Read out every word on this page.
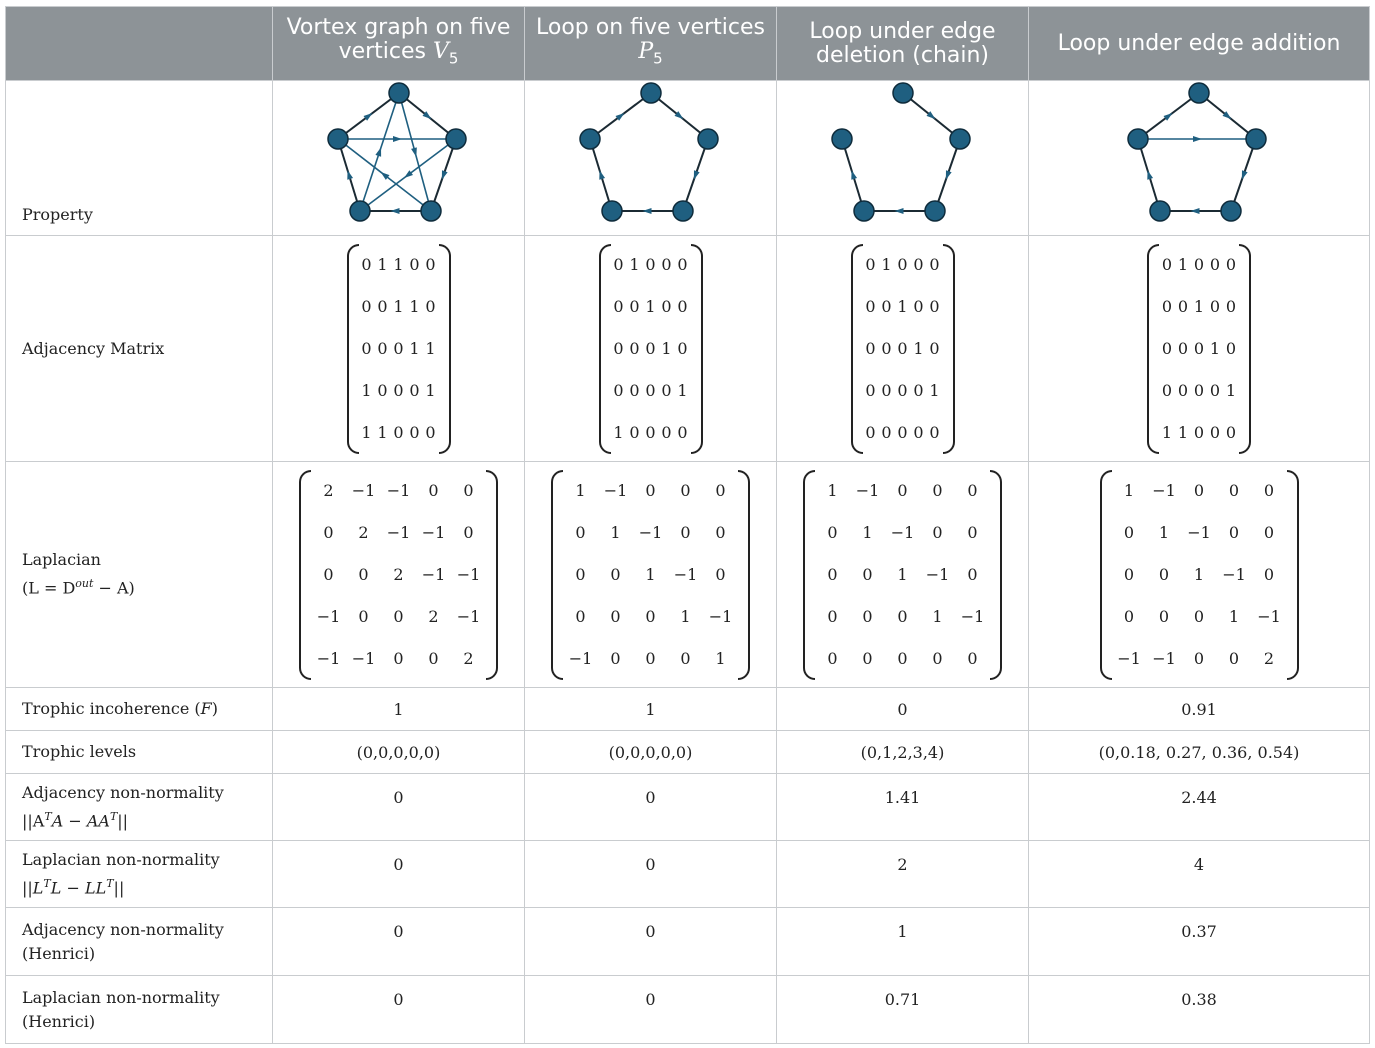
	Vortex graph on five vertices $V_5$	Loop on five vertices $P_5$	Loop under edge deletion (chain)	Loop under edge addition
Property				
Adjacency Matrix	
0	1	1	0	0
0	0	1	1	0
0	0	0	1	1
1	0	0	0	1
1	1	0	0	0

0	1	0	0	0
0	0	1	0	0
0	0	0	1	0
0	0	0	0	1
1	0	0	0	0

0	1	0	0	0
0	0	1	0	0
0	0	0	1	0
0	0	0	0	1
0	0	0	0	0

0	1	0	0	0
0	0	1	0	0
0	0	0	1	0
0	0	0	0	1
1	1	0	0	0

Laplacian
$(L = D^{out} - A)$

2	−1	−1	0	0
0	2	−1	−1	0
0	0	2	−1	−1
−1	0	0	2	−1
−1	−1	0	0	2

1	−1	0	0	0
0	1	−1	0	0
0	0	1	−1	0
0	0	0	1	−1
−1	0	0	0	1

1	−1	0	0	0
0	1	−1	0	0
0	0	1	−1	0
0	0	0	1	−1
0	0	0	0	0

1	−1	0	0	0
0	1	−1	0	0
0	0	1	−1	0
0	0	0	1	−1
−1	−1	0	0	2

Trophic incoherence (F)	1	1	0	0.91
Trophic levels	(0,0,0,0,0)	(0,0,0,0,0)	(0,1,2,3,4)	(0,0.18, 0.27, 0.36, 0.54)

Adjacency non-normality
$||A^TA - AA^T||$
	0	0	1.41	2.44

Laplacian non-normality
$||L^TL - LL^T||$
	0	0	2	4

Adjacency non-normality
(Henrici)
	0	0	1	0.37

Laplacian non-normality
(Henrici)
	0	0	0.71	0.38
